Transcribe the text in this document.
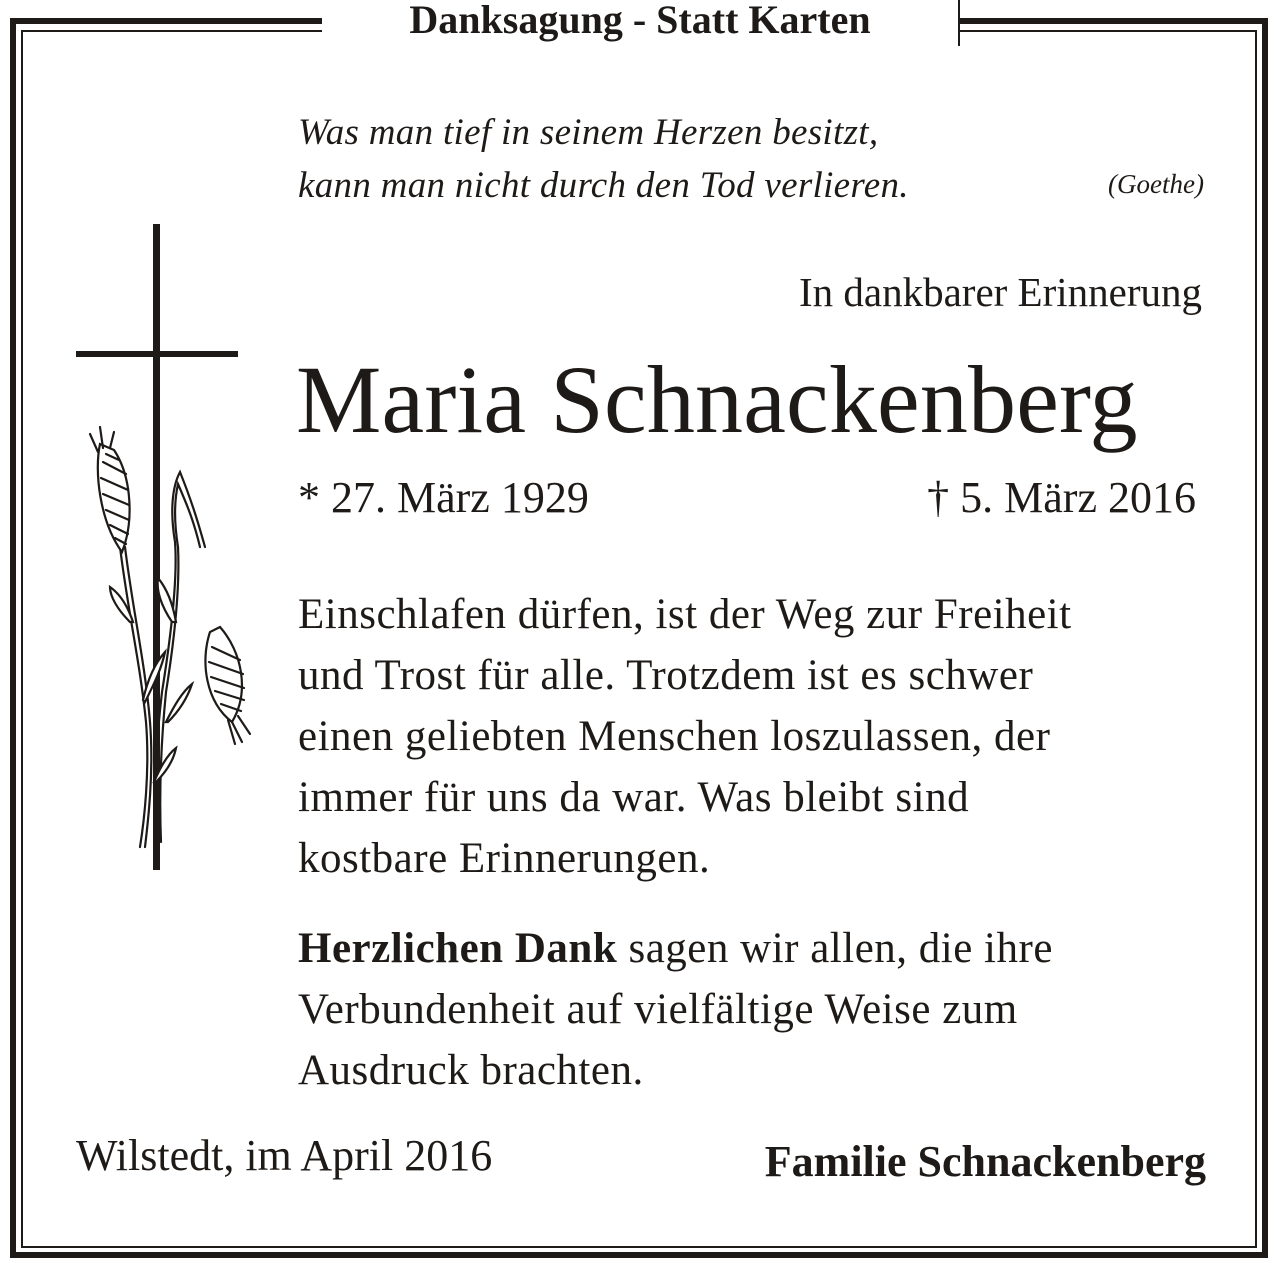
Danksagung - Statt Karten
Was man tief in seinem Herzen besitzt,
kann man nicht durch den Tod verlieren.	(Goethe)
In dankbarer Erinnerung
Maria Schnackenberg
* 27. März 1929	† 5. März 2016
Einschlafen dürfen, ist der Weg zur Freiheit
und Trost für alle. Trotzdem ist es schwer
einen geliebten Menschen loszulassen, der
immer für uns da war. Was bleibt sind
kostbare Erinnerungen.
Herzlichen Dank sagen wir allen, die ihre
Verbundenheit auf vielfältige Weise zum
Ausdruck brachten.
Wilstedt, im April 2016	Familie Schnackenberg
